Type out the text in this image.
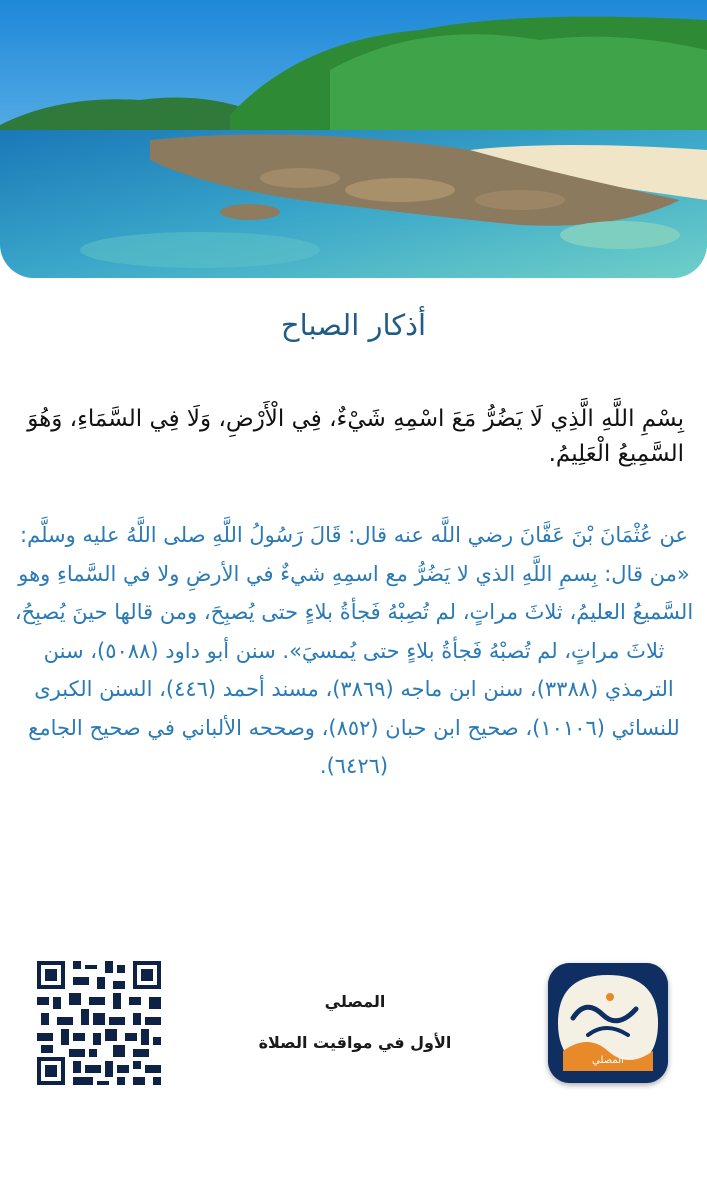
أذكار الصباح
بِسْمِ اللَّهِ الَّذِي لَا يَضُرُّ مَعَ اسْمِهِ شَيْءٌ، فِي الْأَرْضِ، وَلَا فِي السَّمَاءِ، وَهُوَ السَّمِيعُ الْعَلِيمُ.
عن عُثْمَانَ بْنَ عَفَّانَ رضي اللَّه عنه قال: قَالَ رَسُولُ اللَّهِ صلى اللَّهُ عليه وسلَّم: «من قال: بِسمِ اللَّهِ الذي لا يَضُرُّ مع اسمِهِ شيءٌ في الأرضِ ولا في السَّماءِ وهو السَّميعُ العليمُ، ثلاثَ مراتٍ، لم تُصِبْهُ فَجأةُ بلاءٍ حتى يُصبِحَ، ومن قالها حينَ يُصبِحُ، ثلاثَ مراتٍ، لم تُصبْهُ فَجأةُ بلاءٍ حتى يُمسيَ». سنن أبو داود (٥٠٨٨)، سنن الترمذي (٣٣٨٨)، سنن ابن ماجه (٣٨٦٩)، مسند أحمد (٤٤٦)، السنن الكبرى للنسائي (١٠١٠٦)، صحيح ابن حبان (٨٥٢)، وصححه الألباني في صحيح الجامع (٦٤٢٦).
المصلي
الأول في مواقيت الصلاة
المصلي
